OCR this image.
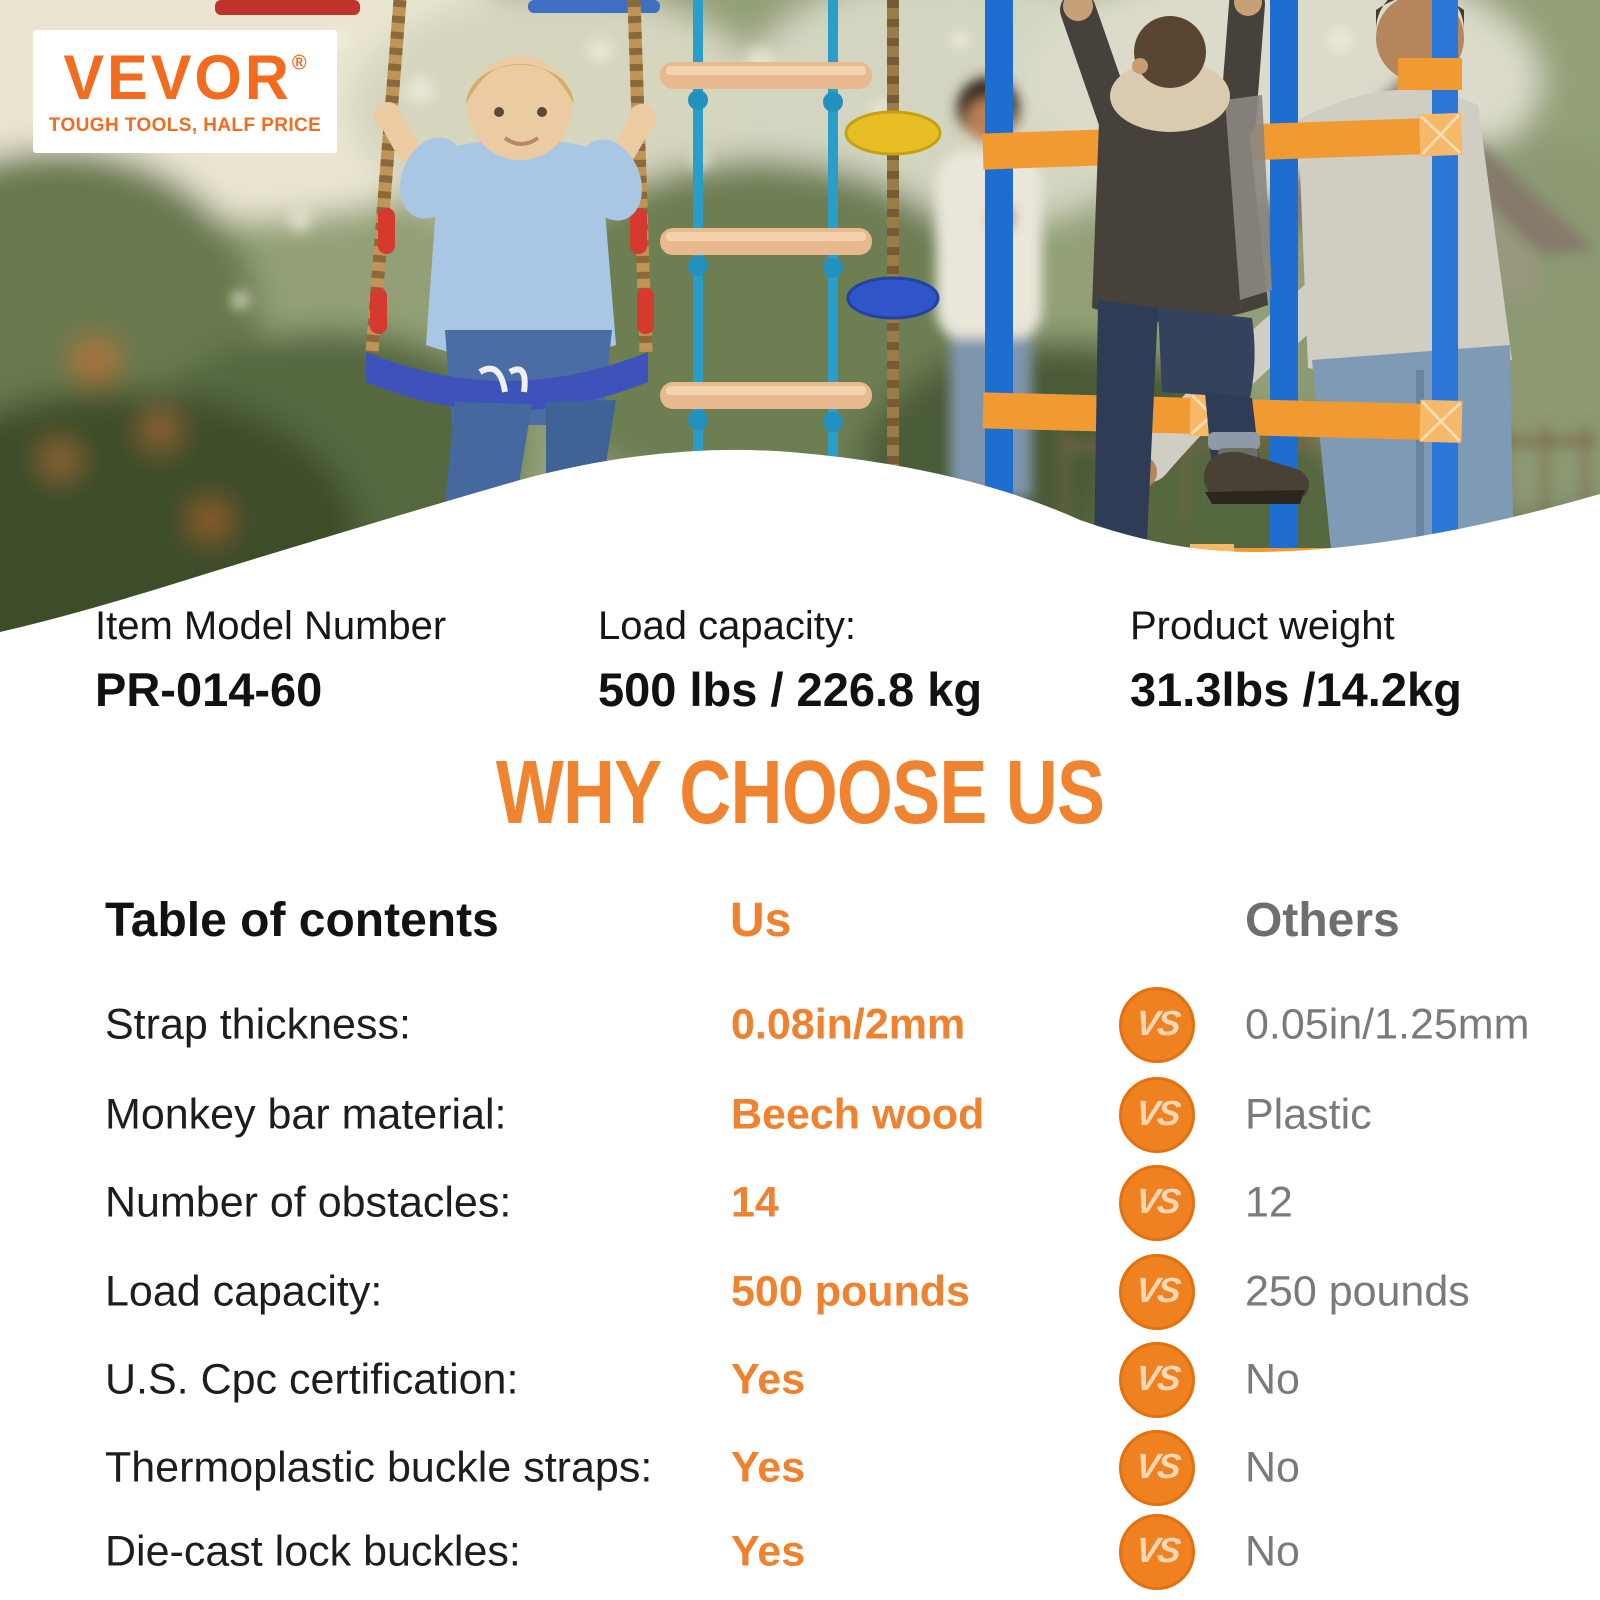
VEVOR®
TOUGH TOOLS, HALF PRICE
Item Model Number
PR-014-60
Load capacity:
500 lbs / 226.8 kg
Product weight
31.3lbs /14.2kg
WHY CHOOSE US
Table of contents	Us	Others
Strap thickness:	0.08in/2mm	VS 0.05in/1.25mm
Monkey bar material:	Beech wood	VS Plastic
Number of obstacles:	14	VS 12
Load capacity:	500 pounds	VS 250 pounds
U.S. Cpc certification:	Yes	VS No
Thermoplastic buckle straps: Yes	VS No
Die-cast lock buckles:	Yes	VS No
